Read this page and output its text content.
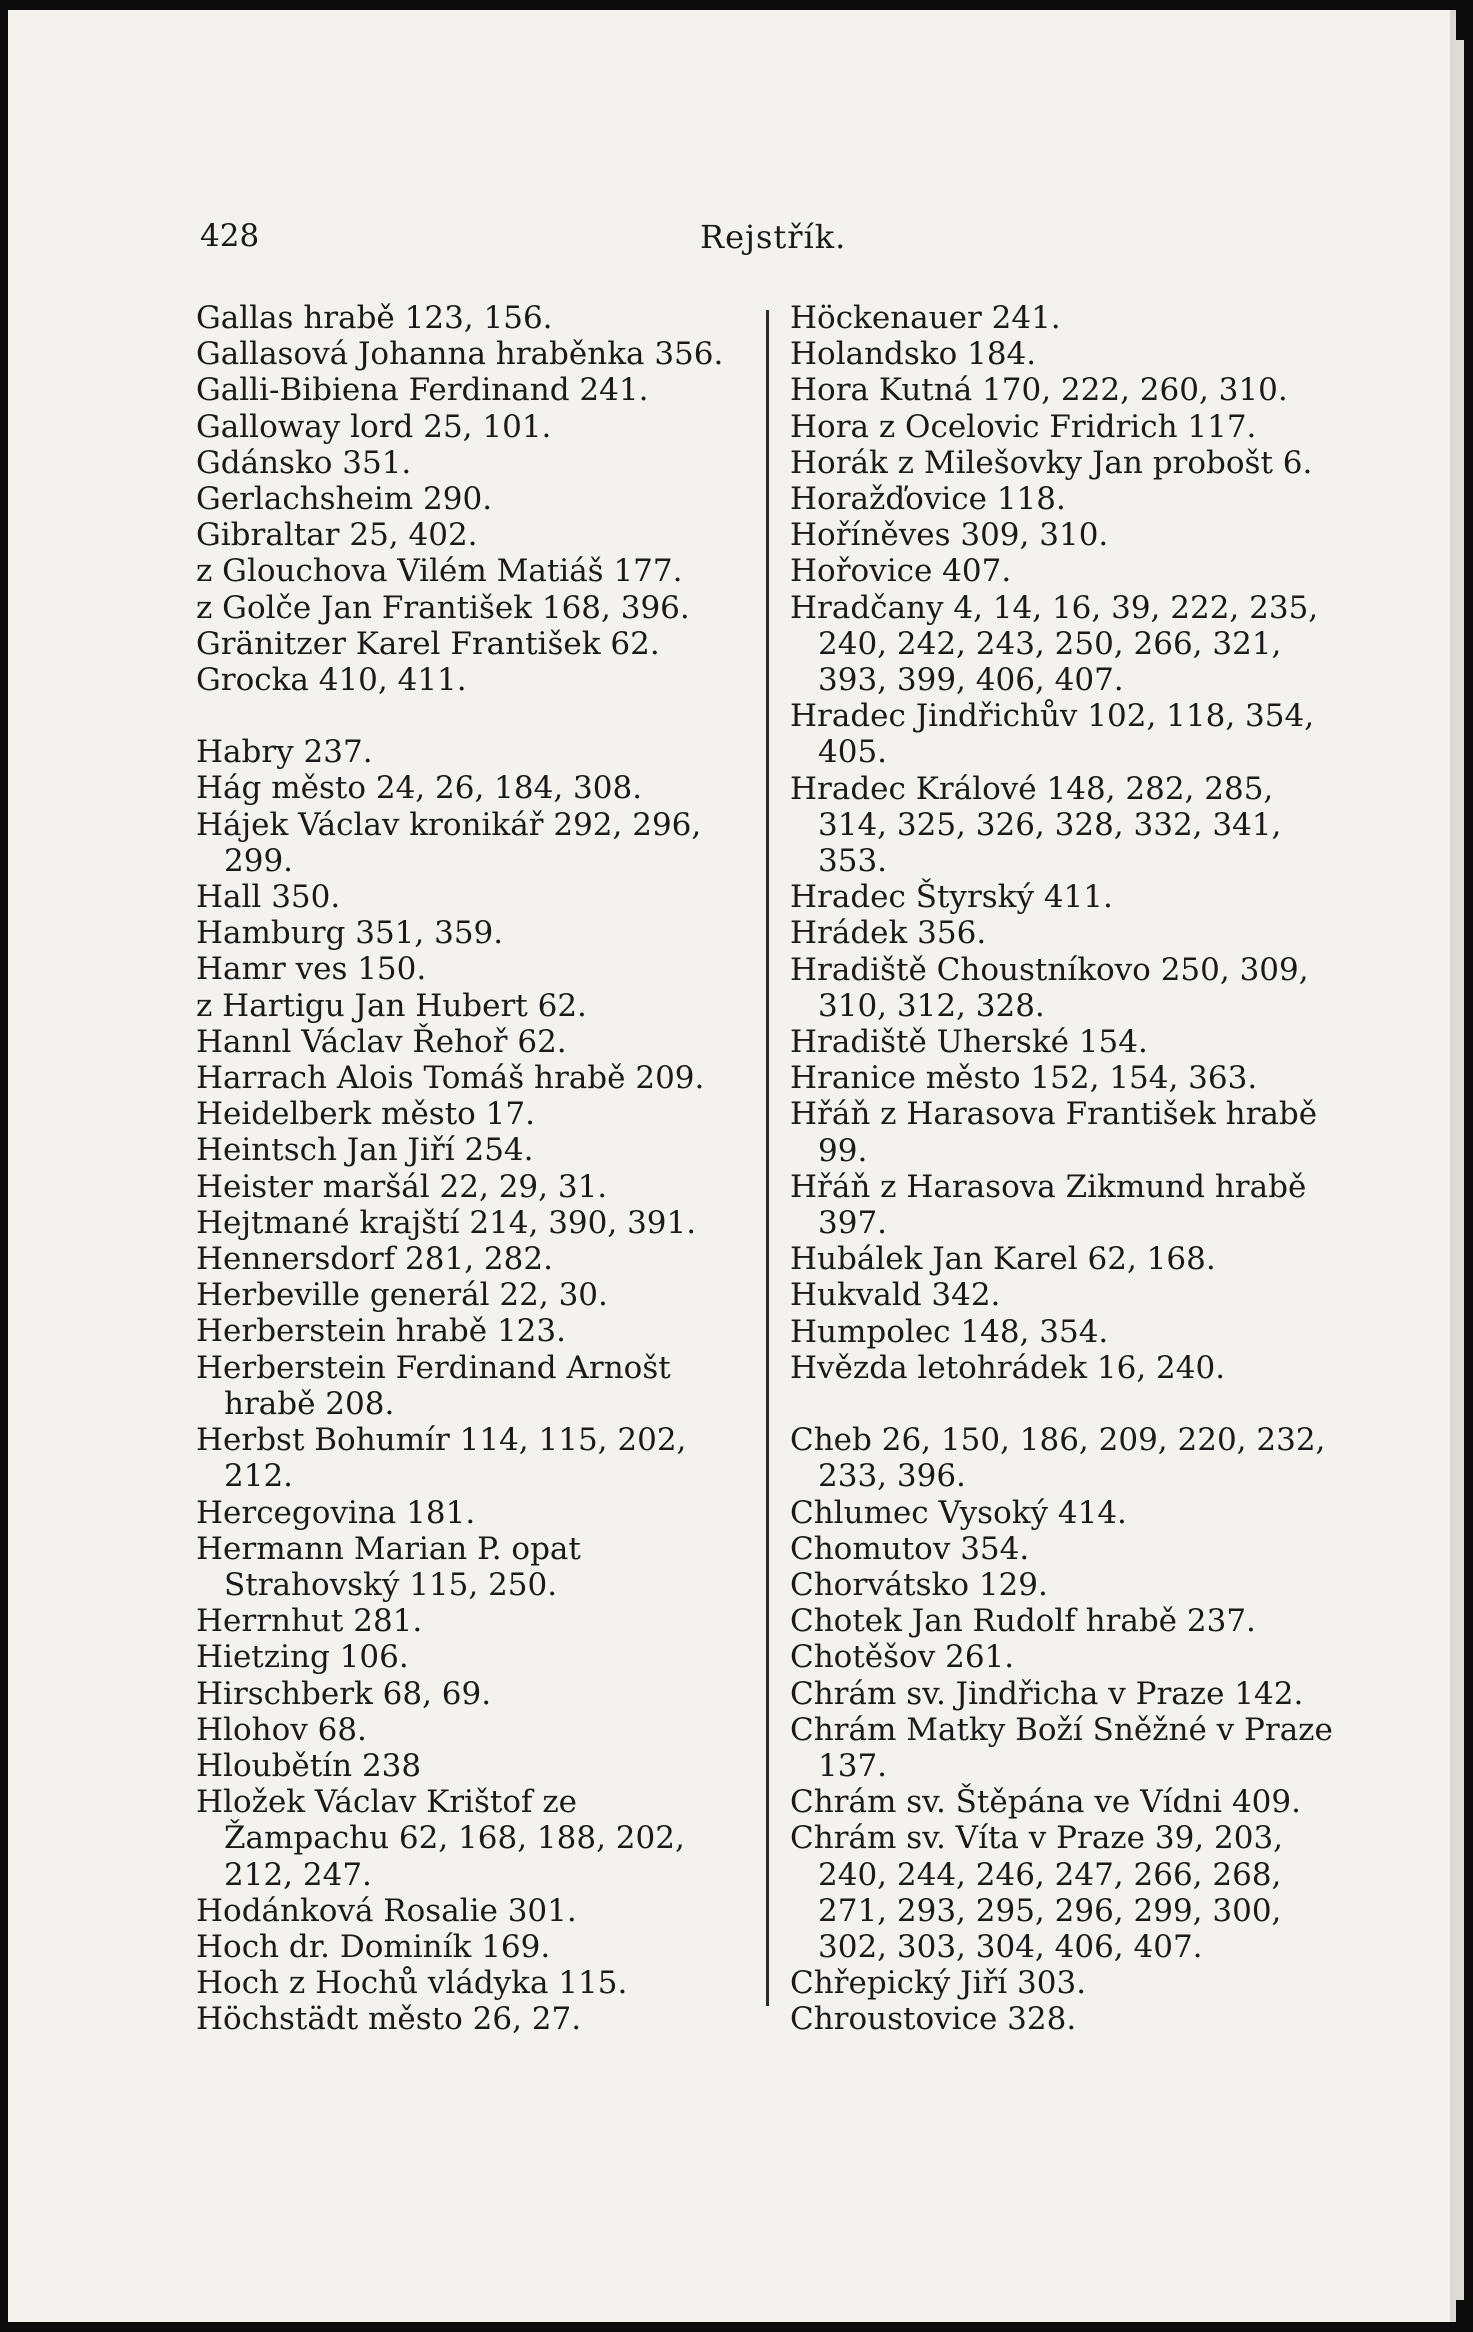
428	Rejstřík.
Gallas hrabě 123, 156.
Gallasová Johanna hraběnka 356.
Galli-Bibiena Ferdinand 241.
Galloway lord 25, 101.
Gdánsko 351.
Gerlachsheim 290.
Gibraltar 25, 402.
z Glouchova Vilém Matiáš 177.
z Golče Jan František 168, 396.
Gränitzer Karel František 62.
Grocka 410, 411.
Habry 237.
Hág město 24, 26, 184, 308.
Hájek Václav kronikář 292, 296, 299.
Hall 350.
Hamburg 351, 359.
Hamr ves 150.
z Hartigu Jan Hubert 62.
Hannl Václav Řehoř 62.
Harrach Alois Tomáš hrabě 209.
Heidelberk město 17.
Heintsch Jan Jiří 254.
Heister maršál 22, 29, 31.
Hejtmané krajští 214, 390, 391.
Hennersdorf 281, 282.
Herbeville generál 22, 30.
Herberstein hrabě 123.
Herberstein Ferdinand Arnošt hrabě 208.
Herbst Bohumír 114, 115, 202, 212.
Hercegovina 181.
Hermann Marian P. opat Strahovský 115, 250.
Herrnhut 281.
Hietzing 106.
Hirschberk 68, 69.
Hlohov 68.
Hloubětín 238
Hložek Václav Krištof ze Žampachu 62, 168, 188, 202, 212, 247.
Hodánková Rosalie 301.
Hoch dr. Dominík 169.
Hoch z Hochů vládyka 115.
Höchstädt město 26, 27.
Höckenauer 241.
Holandsko 184.
Hora Kutná 170, 222, 260, 310.
Hora z Ocelovic Fridrich 117.
Horák z Milešovky Jan probošt 6.
Horažďovice 118.
Hoříněves 309, 310.
Hořovice 407.
Hradčany 4, 14, 16, 39, 222, 235, 240, 242, 243, 250, 266, 321, 393, 399, 406, 407.
Hradec Jindřichův 102, 118, 354, 405.
Hradec Králové 148, 282, 285, 314, 325, 326, 328, 332, 341, 353.
Hradec Štyrský 411.
Hrádek 356.
Hradiště Choustníkovo 250, 309, 310, 312, 328.
Hradiště Uherské 154.
Hranice město 152, 154, 363.
Hřáň z Harasova František hrabě 99.
Hřáň z Harasova Zikmund hrabě 397.
Hubálek Jan Karel 62, 168.
Hukvald 342.
Humpolec 148, 354.
Hvězda letohrádek 16, 240.
Cheb 26, 150, 186, 209, 220, 232, 233, 396.
Chlumec Vysoký 414.
Chomutov 354.
Chorvátsko 129.
Chotek Jan Rudolf hrabě 237.
Chotěšov 261.
Chrám sv. Jindřicha v Praze 142.
Chrám Matky Boží Sněžné v Praze 137.
Chrám sv. Štěpána ve Vídni 409.
Chrám sv. Víta v Praze 39, 203, 240, 244, 246, 247, 266, 268, 271, 293, 295, 296, 299, 300, 302, 303, 304, 406, 407.
Chřepický Jiří 303.
Chroustovice 328.
